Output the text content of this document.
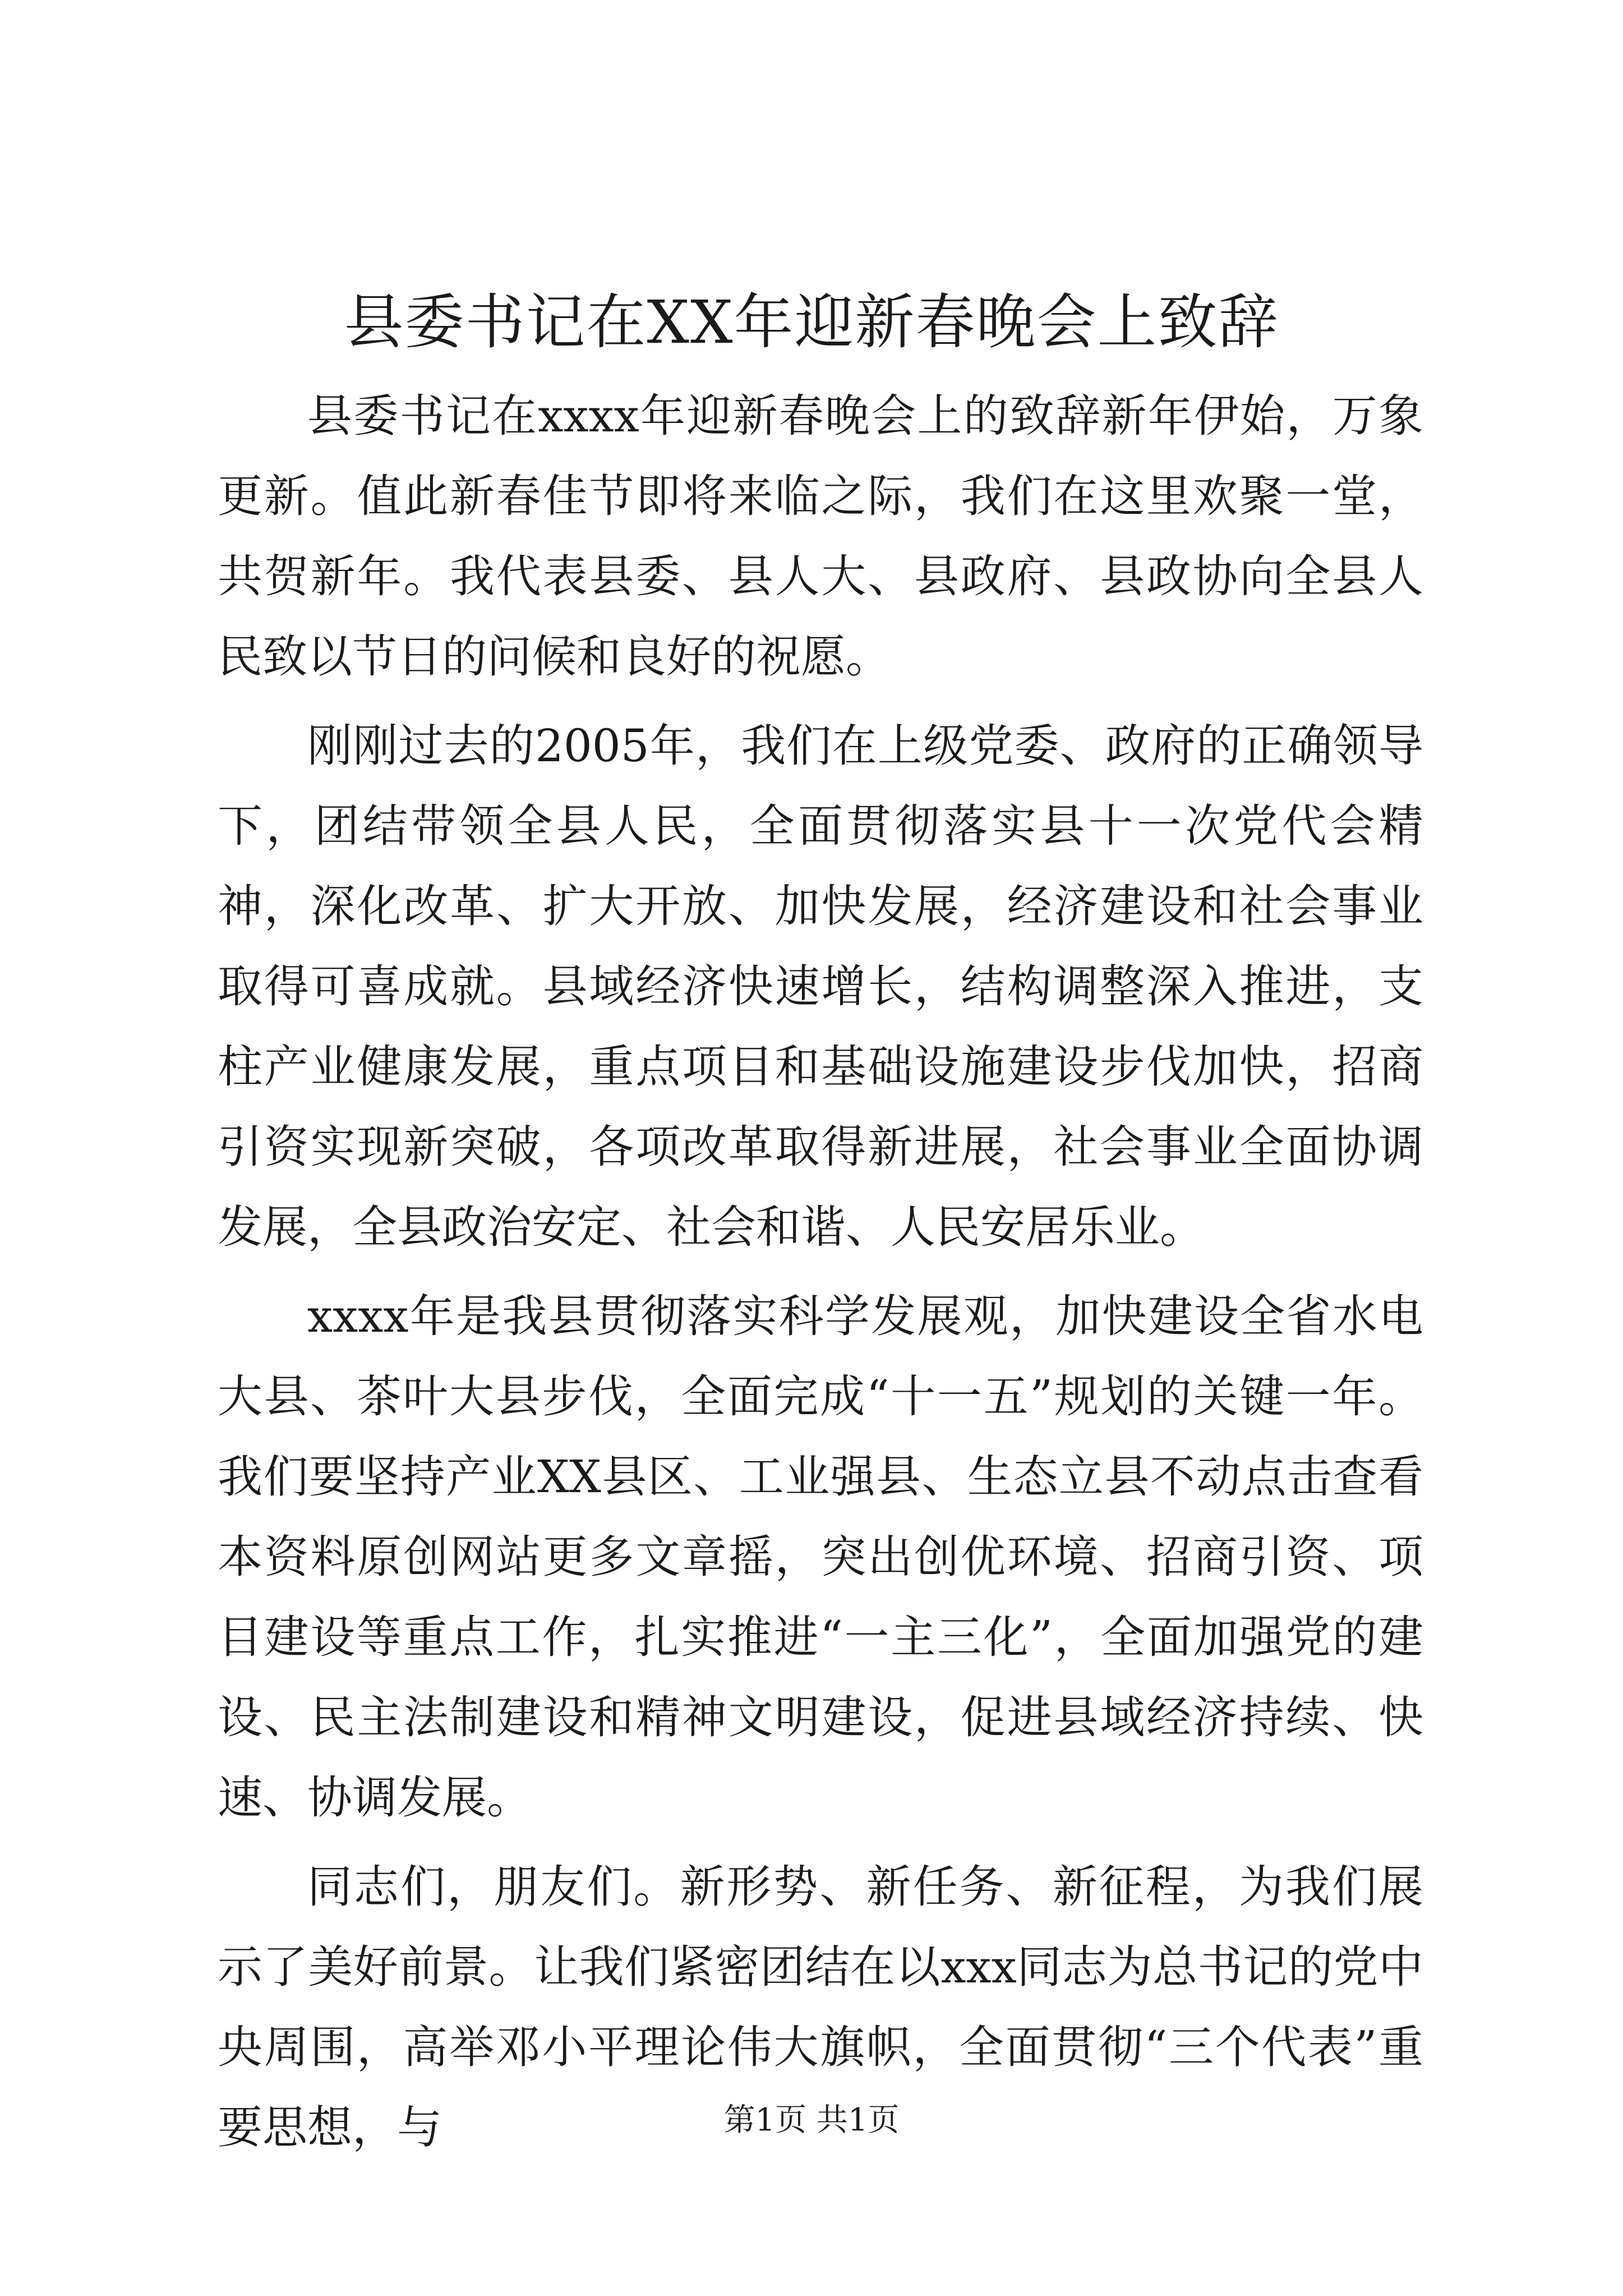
县委书记在XX年迎新春晚会上致辞

县委书记在xxxx年迎新春晚会上的致辞新年伊始，万象更新。值此新春佳节即将来临之际，我们在这里欢聚一堂，共贺新年。我代表县委、县人大、县政府、县政协向全县人民致以节日的问候和良好的祝愿。

刚刚过去的2005年，我们在上级党委、政府的正确领导下，团结带领全县人民，全面贯彻落实县十一次党代会精神，深化改革、扩大开放、加快发展，经济建设和社会事业取得可喜成就。县域经济快速增长，结构调整深入推进，支柱产业健康发展，重点项目和基础设施建设步伐加快，招商引资实现新突破，各项改革取得新进展，社会事业全面协调发展，全县政治安定、社会和谐、人民安居乐业。

xxxx年是我县贯彻落实科学发展观，加快建设全省水电大县、茶叶大县步伐，全面完成“十一五”规划的关键一年。我们要坚持产业XX县区、工业强县、生态立县不动点击查看本资料原创网站更多文章摇，突出创优环境、招商引资、项目建设等重点工作，扎实推进“一主三化”，全面加强党的建设、民主法制建设和精神文明建设，促进县域经济持续、快速、协调发展。

同志们，朋友们。新形势、新任务、新征程，为我们展示了美好前景。让我们紧密团结在以xxx同志为总书记的党中央周围，高举邓小平理论伟大旗帜，全面贯彻“三个代表”重要思想，与	第1页 共1页
